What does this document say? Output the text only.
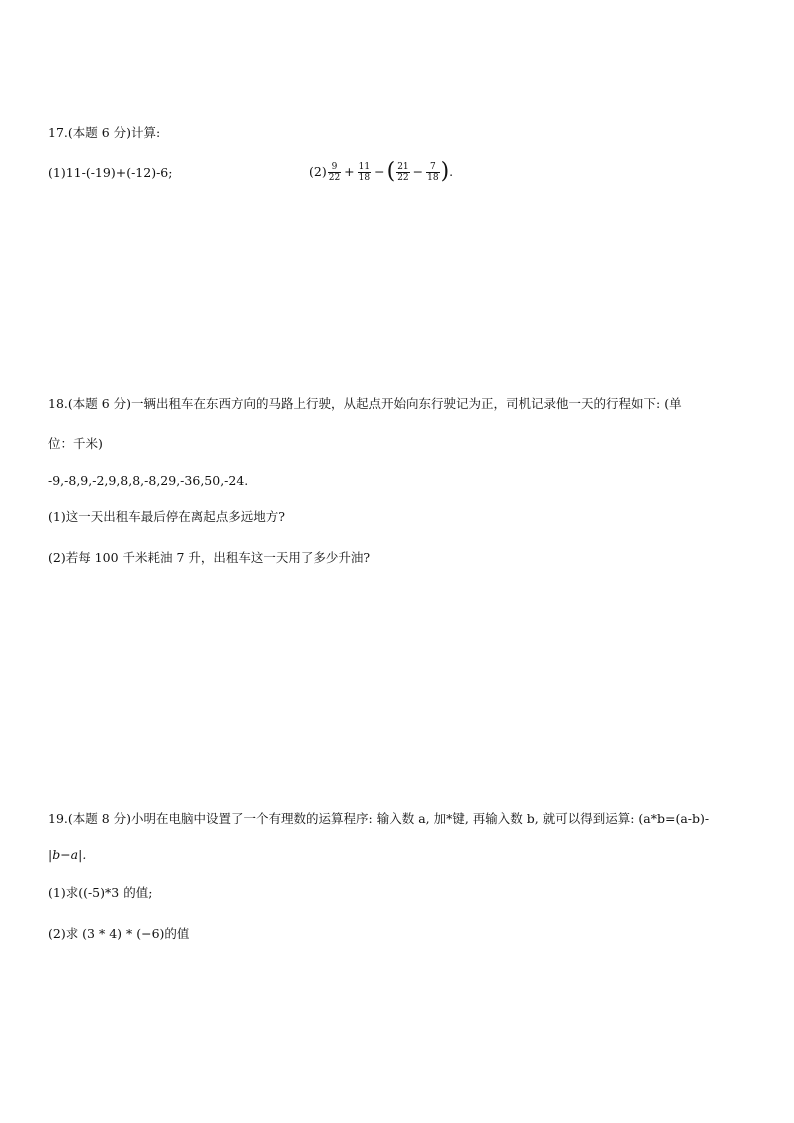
17.(本题 6 分)计算:
(1)11-(-19)+(-12)-6;	$(2) \frac{9}{22} + \frac{11}{18}$ − ( $\frac{21}{22} - \frac{7}{18}$ ) .
18.(本题 6 分)一辆出租车在东西方向的马路上行驶，从起点开始向东行驶记为正，司机记录他一天的行程如下: (单
位：千米)
-9,-8,9,-2,9,8,8,-8,29,-36,50,-24.
(1)这一天出租车最后停在离起点多远地方?
(2)若每 100 千米耗油 7 升，出租车这一天用了多少升油?
19.(本题 8 分)小明在电脑中设置了一个有理数的运算程序: 输入数 a, 加*键, 再输入数 b, 就可以得到运算: (a*b=(a-b)-
|b−a|.
(1)求((-5)*3 的值;
(2)求 (3 * 4) * (−6)的值
